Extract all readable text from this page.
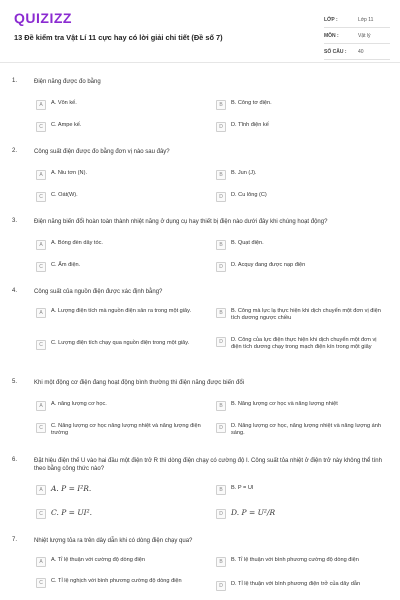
QUIZIZZ
13 Đề kiểm tra Vật Lí 11 cực hay có lời giải chi tiết (Đề số 7)
LỚP :	Lớp 11
MÔN :	Vật lý
SỐ CÂU :	40
1.	Điện năng được đo bằng
A	A. Vôn kế.	B	B. Công tơ điện.
C	C. Ampe kế.	D	D. Tĩnh điện kế
2.	Công suất điện được đo bằng đơn vị nào sau đây?
A	A. Niu tơn (N).	B	B. Jun (J).
C	C. Oát(W).	D	D. Cu lông (C)
3.	Điện năng biến đổi hoàn toàn thành nhiệt năng ở dụng cụ hay thiết bị điện nào dưới đây khi chúng hoạt động?
A	A. Bóng đèn dây tóc.	B	B. Quạt điện.
C	C. Ấm điện.	D	D. Acquy đang được nạp điện
4.	Công suất của nguồn điện được xác định bằng?
A	A. Lượng điện tích mà nguồn điện sản ra trong một giây.	B	B. Công mà lực lạ thực hiện khi dịch chuyển một đơn vị điện tích dương ngược chiều
C	C. Lượng điện tích chạy qua nguồn điện trong một giây.	D	D. Công của lực điện thực hiện khi dịch chuyển một đơn vị điện tích dương chạy trong mạch điện kín trong một giây
5.	Khi một động cơ điện đang hoạt động bình thường thì điện năng được biến đổi
A	A. năng lượng cơ học.	B	B. Năng lượng cơ học và năng lượng nhiệt
C	C. Năng lượng cơ học năng lượng nhiệt và năng lượng điện trường
D	D. Năng lượng cơ học, năng lượng nhiệt và năng lượng ánh sáng.
6.	Đặt hiệu điện thế U vào hai đầu một điện trở R thì dòng điện chạy có cường độ I. Công suất tỏa nhiệt ở điện trở này không thể tính theo bằng công thức nào?
A	A. P = I²R.	B	B. P = UI
C	C. P = UI².	D	D. P = U²/R
7.	Nhiệt lượng tỏa ra trên dây dẫn khi có dòng điện chạy qua?
A	A. Tỉ lệ thuận với cường độ dòng điện	B	B. Tỉ lệ thuận với bình phương cường độ dòng điện
C	C. Tỉ lệ nghịch với bình phương cường độ dòng điện
D	D. Tỉ lệ thuận với bình phương điện trở của dây dẫn
